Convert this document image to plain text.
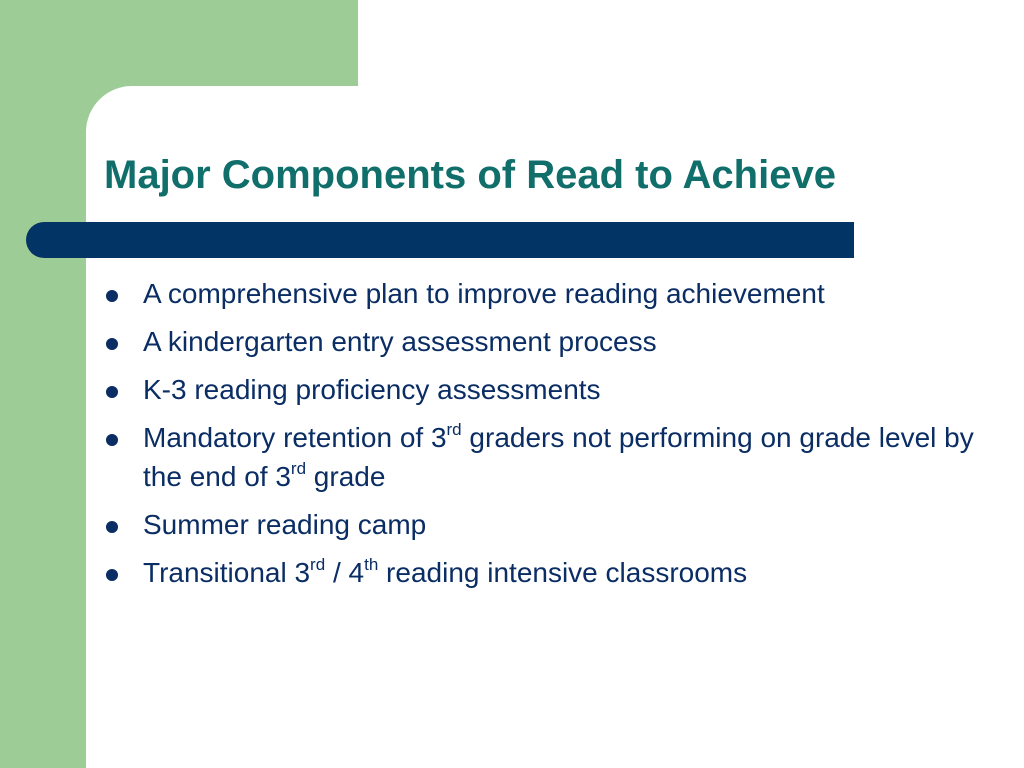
Major Components of Read to Achieve
A comprehensive plan to improve reading achievement
A kindergarten entry assessment process
K-3 reading proficiency assessments
Mandatory retention of 3rd graders not performing on grade level by the end of 3rd grade
Summer reading camp
Transitional 3rd / 4th reading intensive classrooms
